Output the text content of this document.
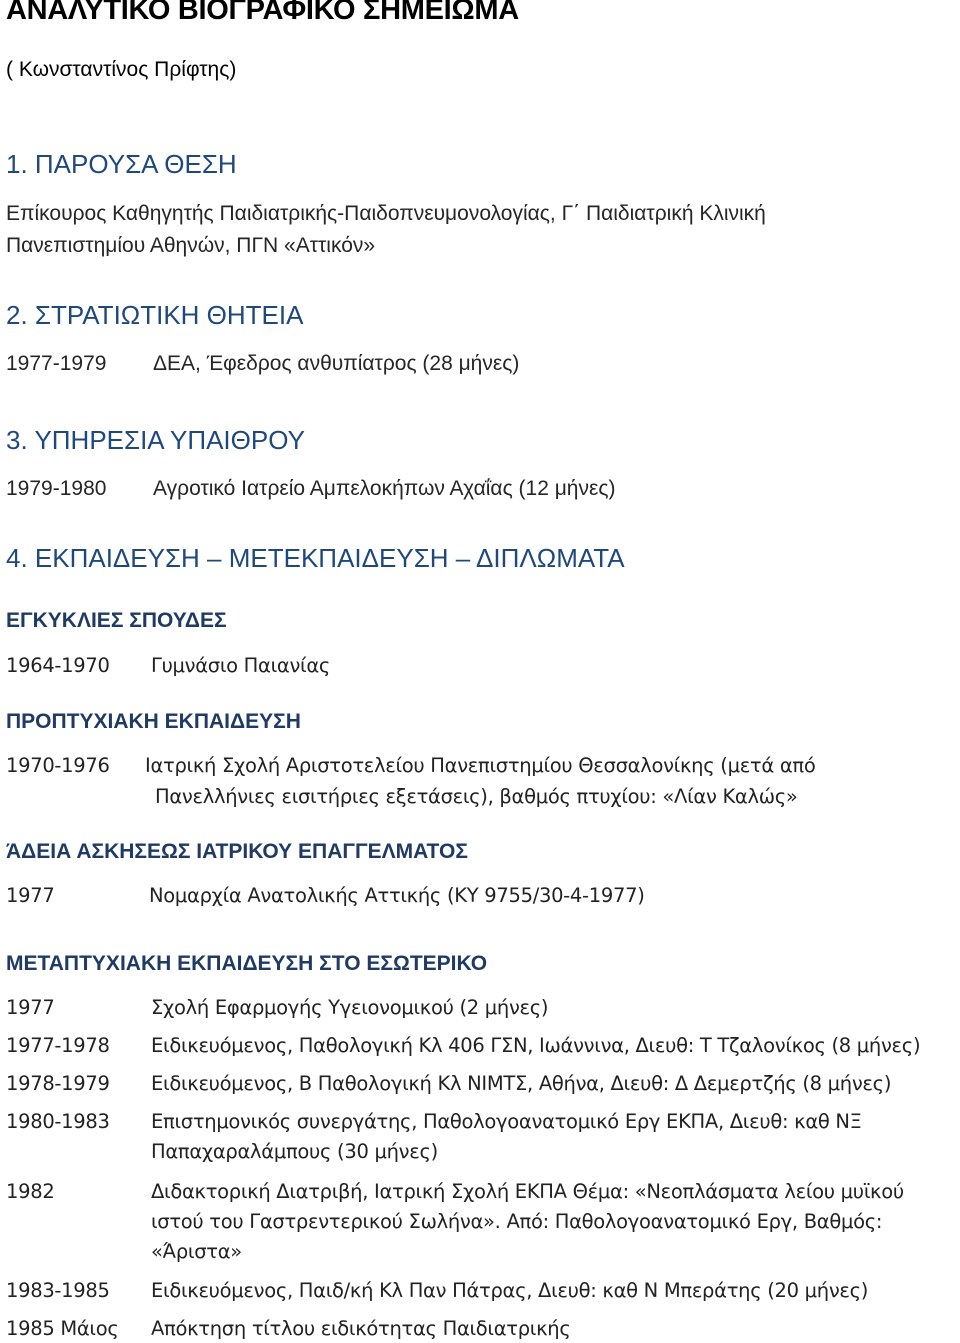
ΑΝΑΛΥΤΙΚΟ ΒΙΟΓΡΑΦΙΚΟ ΣΗΜΕΙΩΜΑ
( Κωνσταντίνος Πρίφτης)
1. ΠΑΡΟΥΣΑ ΘΕΣΗ
Επίκουρος Καθηγητής Παιδιατρικής-Παιδοπνευμονολογίας, Γ΄ Παιδιατρική Κλινική
Πανεπιστημίου Αθηνών, ΠΓΝ «Αττικόν»
2. ΣΤΡΑΤΙΩΤΙΚΗ ΘΗΤΕΙΑ
1977-1979 ΔΕΑ, Έφεδρος ανθυπίατρος (28 μήνες)
3. ΥΠΗΡΕΣΙΑ ΥΠΑΙΘΡΟΥ
1979-1980 Αγροτικό Ιατρείο Αμπελοκήπων Αχαΐας (12 μήνες)
4. ΕΚΠΑΙΔΕΥΣΗ – ΜΕΤΕΚΠΑΙΔΕΥΣΗ – ΔΙΠΛΩΜΑΤΑ
ΕΓΚΥΚΛΙΕΣ ΣΠΟΥΔΕΣ
1964-1970 Γυμνάσιο Παιανίας
ΠΡΟΠΤΥΧΙΑΚΗ ΕΚΠΑΙΔΕΥΣΗ
1970-1976 Ιατρική Σχολή Αριστοτελείου Πανεπιστημίου Θεσσαλονίκης (μετά από
Πανελλήνιες εισιτήριες εξετάσεις), βαθμός πτυχίου: «Λίαν Καλώς»
ΆΔΕΙΑ ΑΣΚΗΣΕΩΣ ΙΑΤΡΙΚΟΥ ΕΠΑΓΓΕΛΜΑΤΟΣ
1977	Νομαρχία Ανατολικής Αττικής (ΚΥ 9755/30-4-1977)
ΜΕΤΑΠΤΥΧΙΑΚΗ ΕΚΠΑΙΔΕΥΣΗ ΣΤΟ ΕΣΩΤΕΡΙΚΟ
1977	Σχολή Εφαρμογής Υγειονομικού (2 μήνες)
1977-1978 Ειδικευόμενος, Παθολογική Κλ 406 ΓΣΝ, Ιωάννινα, Διευθ: Τ Τζαλονίκος (8 μήνες)
1978-1979 Ειδικευόμενος, Β Παθολογική Κλ ΝΙΜΤΣ, Αθήνα, Διευθ: Δ Δεμερτζής (8 μήνες)
1980-1983 Επιστημονικός συνεργάτης, Παθολογοανατομικό Εργ ΕΚΠΑ, Διευθ: καθ ΝΞ
Παπαχαραλάμπους (30 μήνες)
1982	Διδακτορική Διατριβή, Ιατρική Σχολή ΕΚΠΑ Θέμα: «Νεοπλάσματα λείου μυϊκού
ιστού του Γαστρεντερικού Σωλήνα». Από: Παθολογοανατομικό Εργ, Βαθμός:
«Άριστα»
1983-1985 Ειδικευόμενος, Παιδ/κή Κλ Παν Πάτρας, Διευθ: καθ Ν Μπεράτης (20 μήνες)
1985 Μάιος Απόκτηση τίτλου ειδικότητας Παιδιατρικής
